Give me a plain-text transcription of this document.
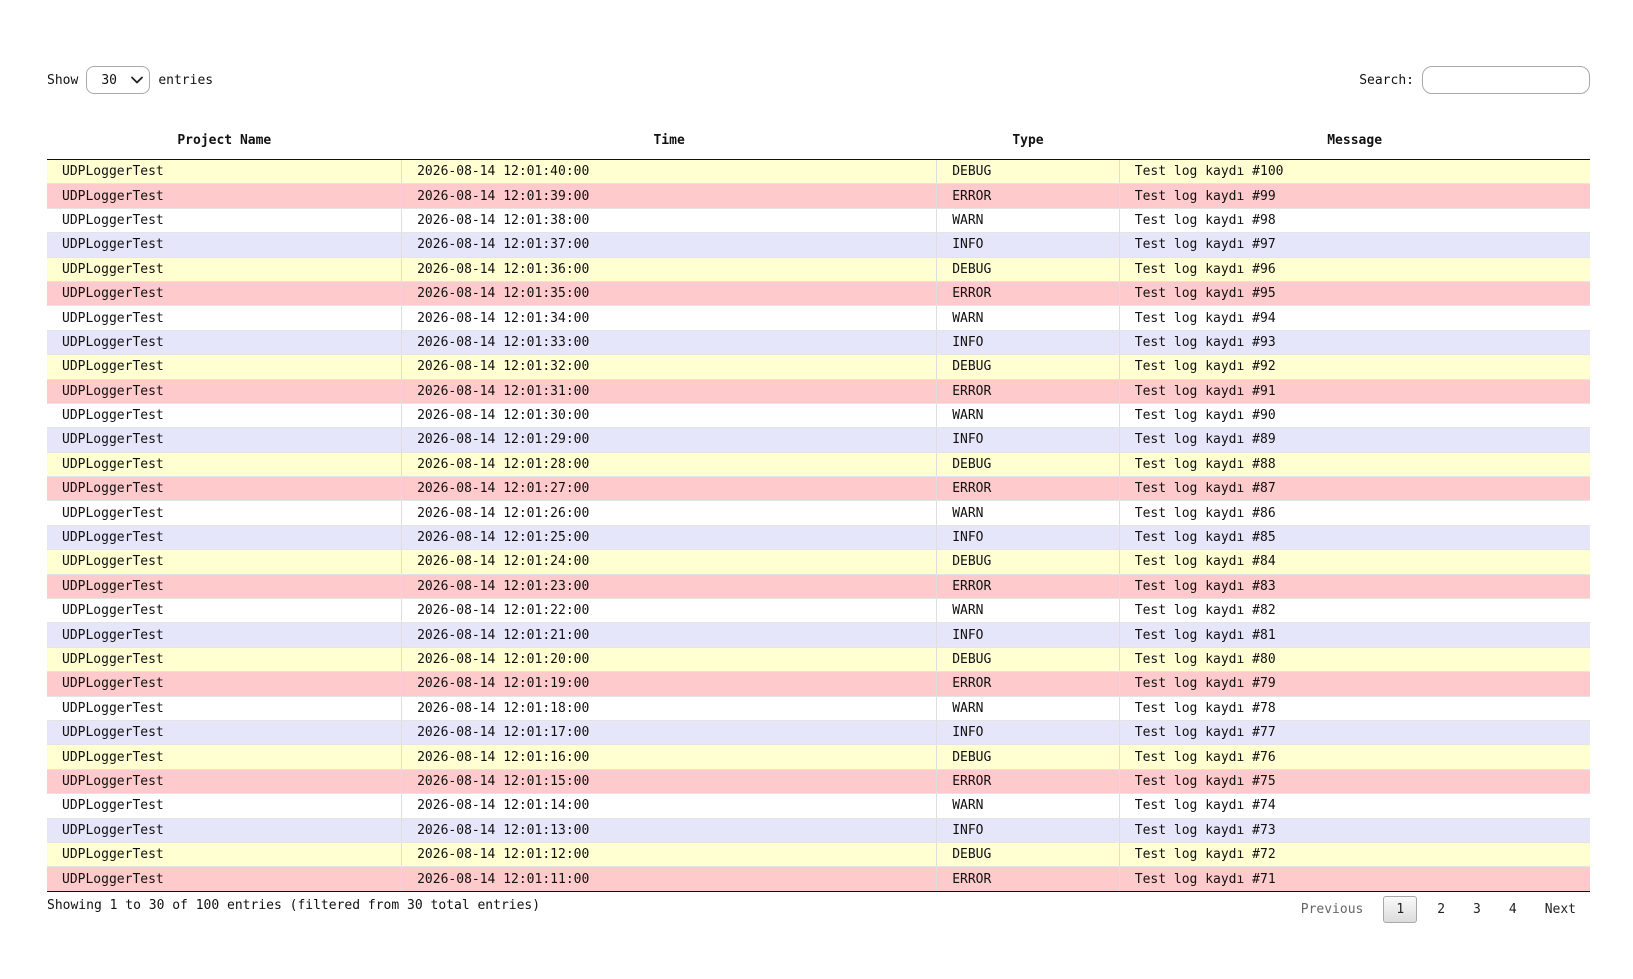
Show 30	entries	Search:
Project Name	Time	Type	Message
UDPLoggerTest	2026-08-14 12:01:40:00	DEBUG	Test log kaydı #100
UDPLoggerTest	2026-08-14 12:01:39:00	ERROR	Test log kaydı #99
UDPLoggerTest	2026-08-14 12:01:38:00	WARN	Test log kaydı #98
UDPLoggerTest	2026-08-14 12:01:37:00	INFO	Test log kaydı #97
UDPLoggerTest	2026-08-14 12:01:36:00	DEBUG	Test log kaydı #96
UDPLoggerTest	2026-08-14 12:01:35:00	ERROR	Test log kaydı #95
UDPLoggerTest	2026-08-14 12:01:34:00	WARN	Test log kaydı #94
UDPLoggerTest	2026-08-14 12:01:33:00	INFO	Test log kaydı #93
UDPLoggerTest	2026-08-14 12:01:32:00	DEBUG	Test log kaydı #92
UDPLoggerTest	2026-08-14 12:01:31:00	ERROR	Test log kaydı #91
UDPLoggerTest	2026-08-14 12:01:30:00	WARN	Test log kaydı #90
UDPLoggerTest	2026-08-14 12:01:29:00	INFO	Test log kaydı #89
UDPLoggerTest	2026-08-14 12:01:28:00	DEBUG	Test log kaydı #88
UDPLoggerTest	2026-08-14 12:01:27:00	ERROR	Test log kaydı #87
UDPLoggerTest	2026-08-14 12:01:26:00	WARN	Test log kaydı #86
UDPLoggerTest	2026-08-14 12:01:25:00	INFO	Test log kaydı #85
UDPLoggerTest	2026-08-14 12:01:24:00	DEBUG	Test log kaydı #84
UDPLoggerTest	2026-08-14 12:01:23:00	ERROR	Test log kaydı #83
UDPLoggerTest	2026-08-14 12:01:22:00	WARN	Test log kaydı #82
UDPLoggerTest	2026-08-14 12:01:21:00	INFO	Test log kaydı #81
UDPLoggerTest	2026-08-14 12:01:20:00	DEBUG	Test log kaydı #80
UDPLoggerTest	2026-08-14 12:01:19:00	ERROR	Test log kaydı #79
UDPLoggerTest	2026-08-14 12:01:18:00	WARN	Test log kaydı #78
UDPLoggerTest	2026-08-14 12:01:17:00	INFO	Test log kaydı #77
UDPLoggerTest	2026-08-14 12:01:16:00	DEBUG	Test log kaydı #76
UDPLoggerTest	2026-08-14 12:01:15:00	ERROR	Test log kaydı #75
UDPLoggerTest	2026-08-14 12:01:14:00	WARN	Test log kaydı #74
UDPLoggerTest	2026-08-14 12:01:13:00	INFO	Test log kaydı #73
UDPLoggerTest	2026-08-14 12:01:12:00	DEBUG	Test log kaydı #72
UDPLoggerTest	2026-08-14 12:01:11:00	ERROR	Test log kaydı #71
Showing 1 to 30 of 100 entries (filtered from 30 total entries)	Previous	1	2	3	4	Next
